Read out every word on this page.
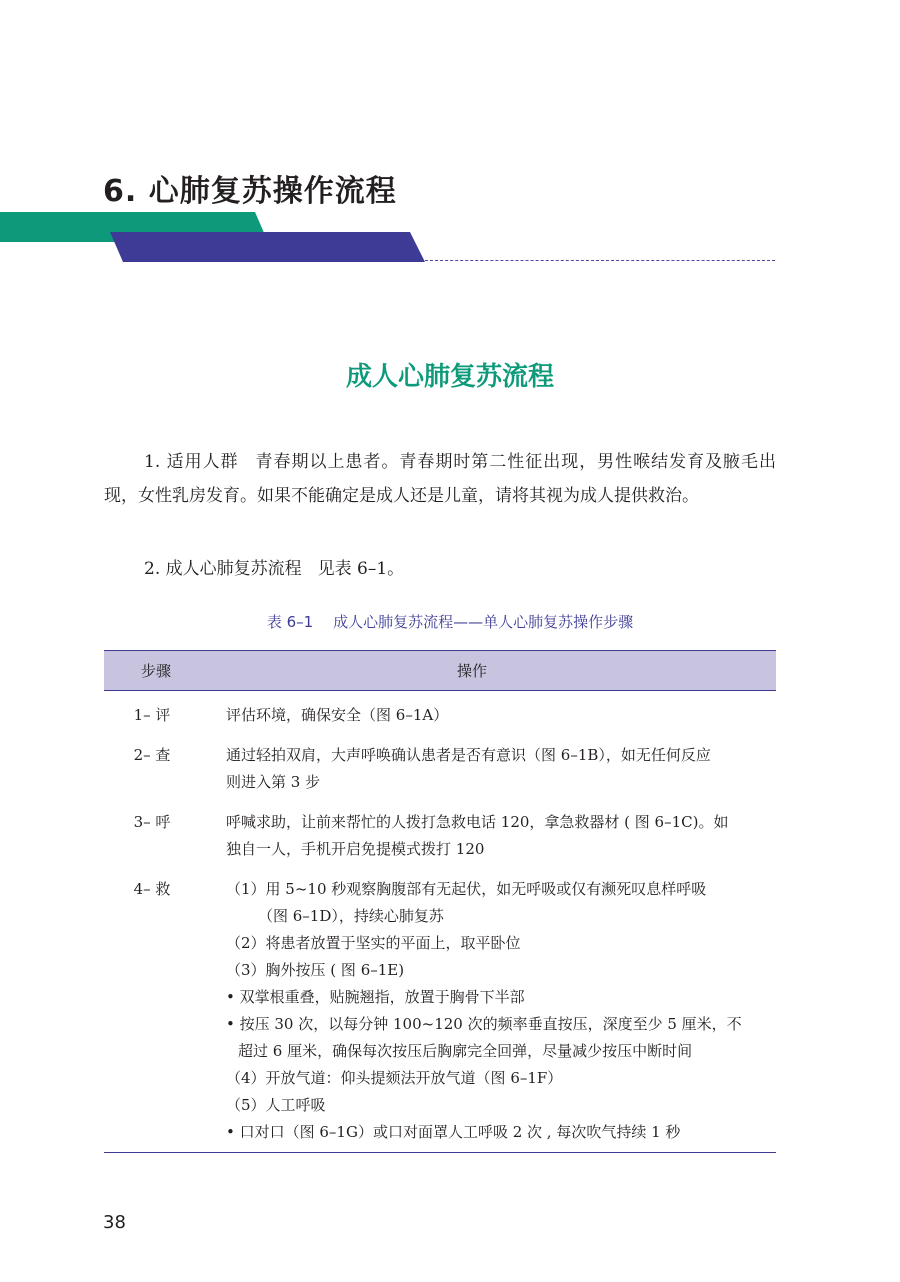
6. 心肺复苏操作流程
成人心肺复苏流程

1. 适用人群 青春期以上患者。青春期时第二性征出现，男性喉结发育及腋毛出现，女性乳房发育。如果不能确定是成人还是儿童，请将其视为成人提供救治。

2. 成人心肺复苏流程 见表 6–1。

表 6–1 成人心肺复苏流程——单人心肺复苏操作步骤
步骤	操作
1– 评	评估环境，确保安全（图 6–1A）
2– 查	通过轻拍双肩，大声呼唤确认患者是否有意识（图 6–1B），如无任何反应
则进入第 3 步
3– 呼	呼喊求助，让前来帮忙的人拨打急救电话 120，拿急救器材 ( 图 6–1C)。如
独自一人，手机开启免提模式拨打 120
4– 救	（1）用 5~10 秒观察胸腹部有无起伏，如无呼吸或仅有濒死叹息样呼吸
（图 6–1D），持续心肺复苏
（2）将患者放置于坚实的平面上，取平卧位
（3）胸外按压 ( 图 6–1E)
• 双掌根重叠，贴腕翘指，放置于胸骨下半部
• 按压 30 次，以每分钟 100~120 次的频率垂直按压，深度至少 5 厘米，不
超过 6 厘米，确保每次按压后胸廓完全回弹，尽量减少按压中断时间
（4）开放气道：仰头提颏法开放气道（图 6–1F）
（5）人工呼吸
• 口对口（图 6–1G）或口对面罩人工呼吸 2 次 , 每次吹气持续 1 秒
38
